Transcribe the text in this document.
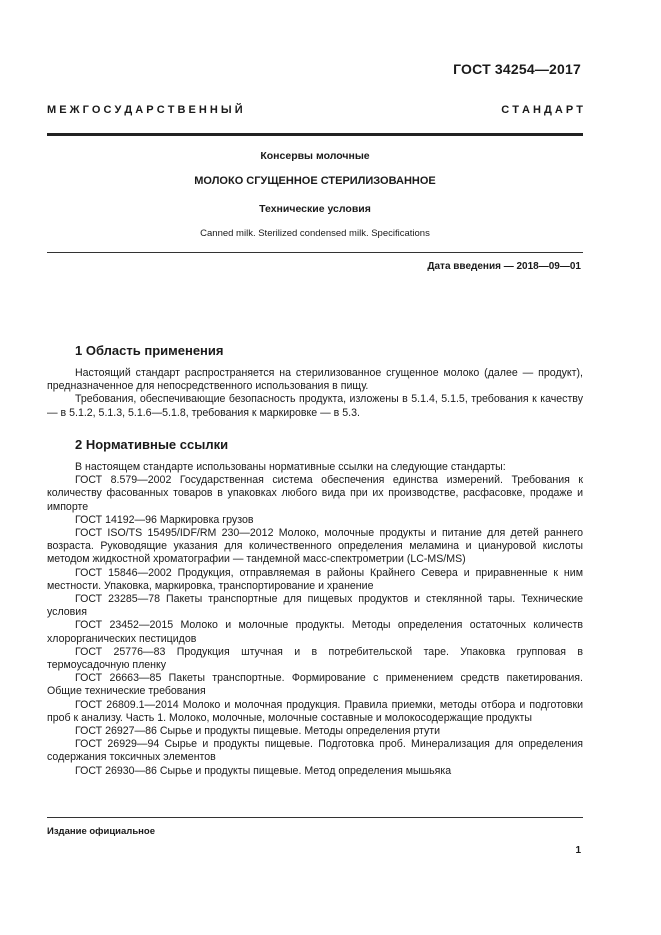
ГОСТ 34254—2017
М Е Ж Г О С У Д А Р С Т В Е Н Н Ы Й	С Т А Н Д А Р Т
Консервы молочные
МОЛОКО СГУЩЕННОЕ СТЕРИЛИЗОВАННОЕ
Технические условия
Canned milk. Sterilized condensed milk. Specifications
Дата введения — 2018—09—01
1 Область применения

Настоящий стандарт распространяется на стерилизованное сгущенное молоко (далее — продукт), предназначенное для непосредственного использования в пищу.

Требования, обеспечивающие безопасность продукта, изложены в 5.1.4, 5.1.5, требования к качеству — в 5.1.2, 5.1.3, 5.1.6—5.1.8, требования к маркировке — в 5.3.

2 Нормативные ссылки

В настоящем стандарте использованы нормативные ссылки на следующие стандарты:

ГОСТ 8.579—2002 Государственная система обеспечения единства измерений. Требования к количеству фасованных товаров в упаковках любого вида при их производстве, расфасовке, продаже и импорте

ГОСТ 14192—96 Маркировка грузов

ГОСТ ISO/TS 15495/IDF/RM 230—2012 Молоко, молочные продукты и питание для детей раннего возраста. Руководящие указания для количественного определения меламина и циануровой кислоты методом жидкостной хроматографии — тандемной масс-спектрометрии (LC-MS/MS)

ГОСТ 15846—2002 Продукция, отправляемая в районы Крайнего Севера и приравненные к ним местности. Упаковка, маркировка, транспортирование и хранение

ГОСТ 23285—78 Пакеты транспортные для пищевых продуктов и стеклянной тары. Технические условия

ГОСТ 23452—2015 Молоко и молочные продукты. Методы определения остаточных количеств хлорорганических пестицидов

ГОСТ 25776—83 Продукция штучная и в потребительской таре. Упаковка групповая в термоусадочную пленку

ГОСТ 26663—85 Пакеты транспортные. Формирование с применением средств пакетирования. Общие технические требования

ГОСТ 26809.1—2014 Молоко и молочная продукция. Правила приемки, методы отбора и подготовки проб к анализу. Часть 1. Молоко, молочные, молочные составные и молокосодержащие продукты

ГОСТ 26927—86 Сырье и продукты пищевые. Методы определения ртути

ГОСТ 26929—94 Сырье и продукты пищевые. Подготовка проб. Минерализация для определения содержания токсичных элементов

ГОСТ 26930—86 Сырье и продукты пищевые. Метод определения мышьяка

Издание официальное
1
